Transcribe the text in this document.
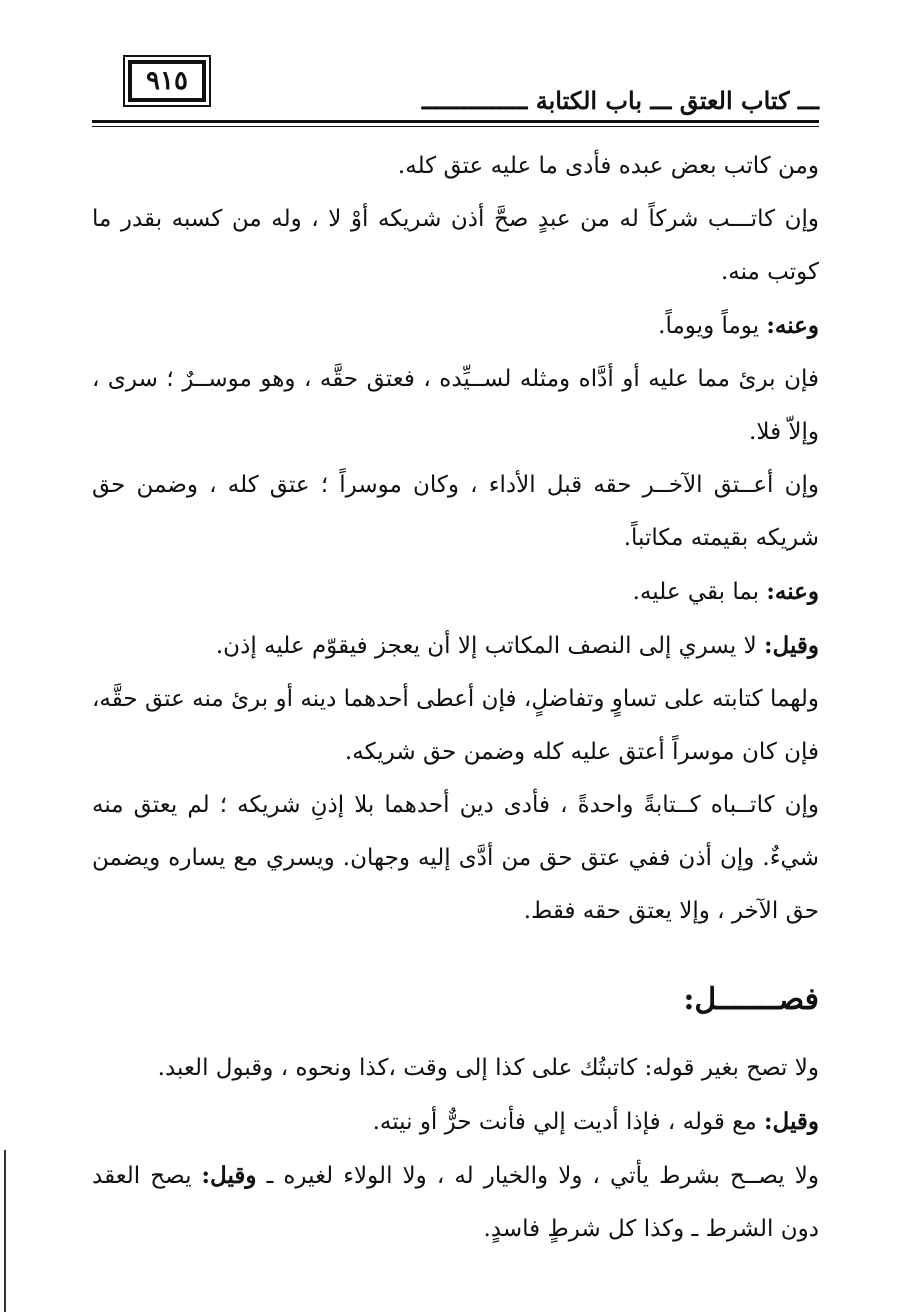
٩١٥
ـــ كتاب العتق ـــ باب الكتابة ـــــــــــــــ

ومن كاتب بعض عبده فأدى ما عليه عتق كله.

وإن كاتـــب شركاً له من عبدٍ صحَّ أذن شريكه أوْ لا ، وله من كسبه بقدر ما كوتب منه.

وعنه: يوماً ويوماً.

فإن برئ مما عليه أو أدَّاه ومثله لســيِّده ، فعتق حقَّه ، وهو موســرٌ ؛ سرى ، وإلاّ فلا.

وإن أعــتق الآخــر حقه قبل الأداء ، وكان موسراً ؛ عتق كله ، وضمن حق شريكه بقيمته مكاتباً.

وعنه: بما بقي عليه.

وقيل: لا يسري إلى النصف المكاتب إلا أن يعجز فيقوّم عليه إذن.

ولهما كتابته على تساوٍ وتفاضلٍ، فإن أعطى أحدهما دينه أو برئ منه عتق حقَّه، فإن كان موسراً أعتق عليه كله وضمن حق شريكه.

وإن كاتــباه كــتابةً واحدةً ، فأدى دين أحدهما بلا إذنِ شريكه ؛ لم يعتق منه شيءٌ. وإن أذن ففي عتق حق من أدَّى إليه وجهان. ويسري مع يساره ويضمن حق الآخر ، وإلا يعتق حقه فقط.

فصـــــــل:

ولا تصح بغير قوله: كاتبتُك على كذا إلى وقت ،كذا ونحوه ، وقبول العبد.

وقيل: مع قوله ، فإذا أديت إلي فأنت حرٌّ أو نيته.

ولا يصــح بشرط يأتي ، ولا والخيار له ، ولا الولاء لغيره ـ وقيل: يصح العقد دون الشرط ـ وكذا كل شرطٍ فاسدٍ.
